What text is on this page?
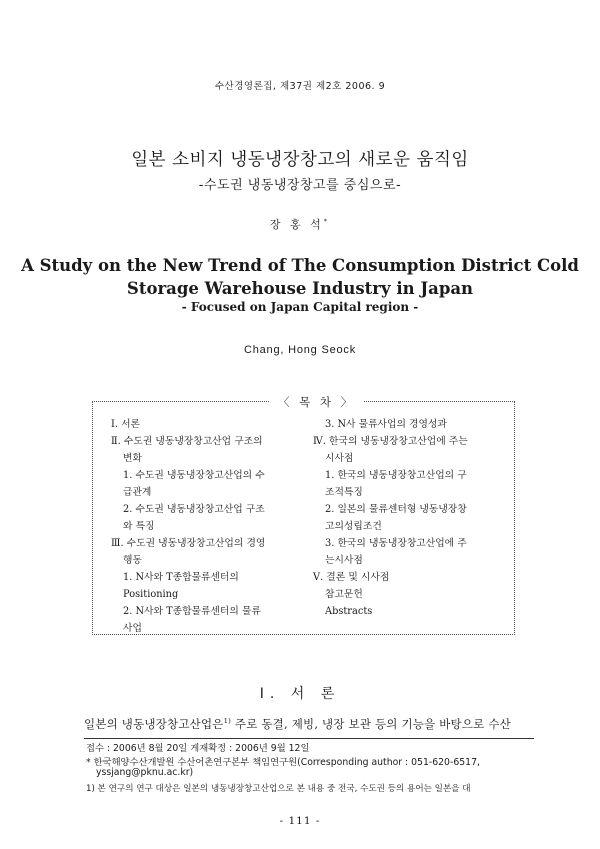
수산경영론집, 제37권 제2호 2006. 9
일본 소비지 냉동냉장창고의 새로운 움직임
-수도권 냉동냉장창고를 중심으로-
장 홍 석*
A Study on the New Trend of The Consumption District Cold
Storage Warehouse Industry in Japan
- Focused on Japan Capital region -
Chang, Hong Seock
〈 목 차 〉
Ⅰ. 서론
Ⅱ. 수도권 냉동냉장창고산업 구조의
변화
1. 수도권 냉동냉장창고산업의 수
급관계
2. 수도권 냉동냉장창고산업 구조
와 특징
Ⅲ. 수도권 냉동냉장창고산업의 경영
행동
1. N사와 T종합물류센터의
Positioning
2. N사와 T종합물류센터의 물류
사업
3. N사 물류사업의 경영성과
Ⅳ. 한국의 냉동냉장창고산업에 주는
시사점
1. 한국의 냉동냉장창고산업의 구
조적특징
2. 일본의 물류센터형 냉동냉장창
고의성립조건
3. 한국의 냉동냉장창고산업에 주
는시사점
Ⅴ. 결론 및 시사점
참고문헌
Abstracts
Ⅰ. 서 론
일본의 냉동냉장창고산업은$^{1)}$ 주로 동결, 제빙, 냉장 보관 등의 기능을 바탕으로 수산
접수 : 2006년 8월 20일 게재확정 : 2006년 9월 12일
* 한국해양수산개발원 수산어촌연구본부 책임연구원(Corresponding author : 051-620-6517,
yssjang@pknu.ac.kr)
1) 본 연구의 연구 대상은 일본의 냉동냉장창고산업으로 본 내용 중 전국, 수도권 등의 용어는 일본을 대
- 111 -
